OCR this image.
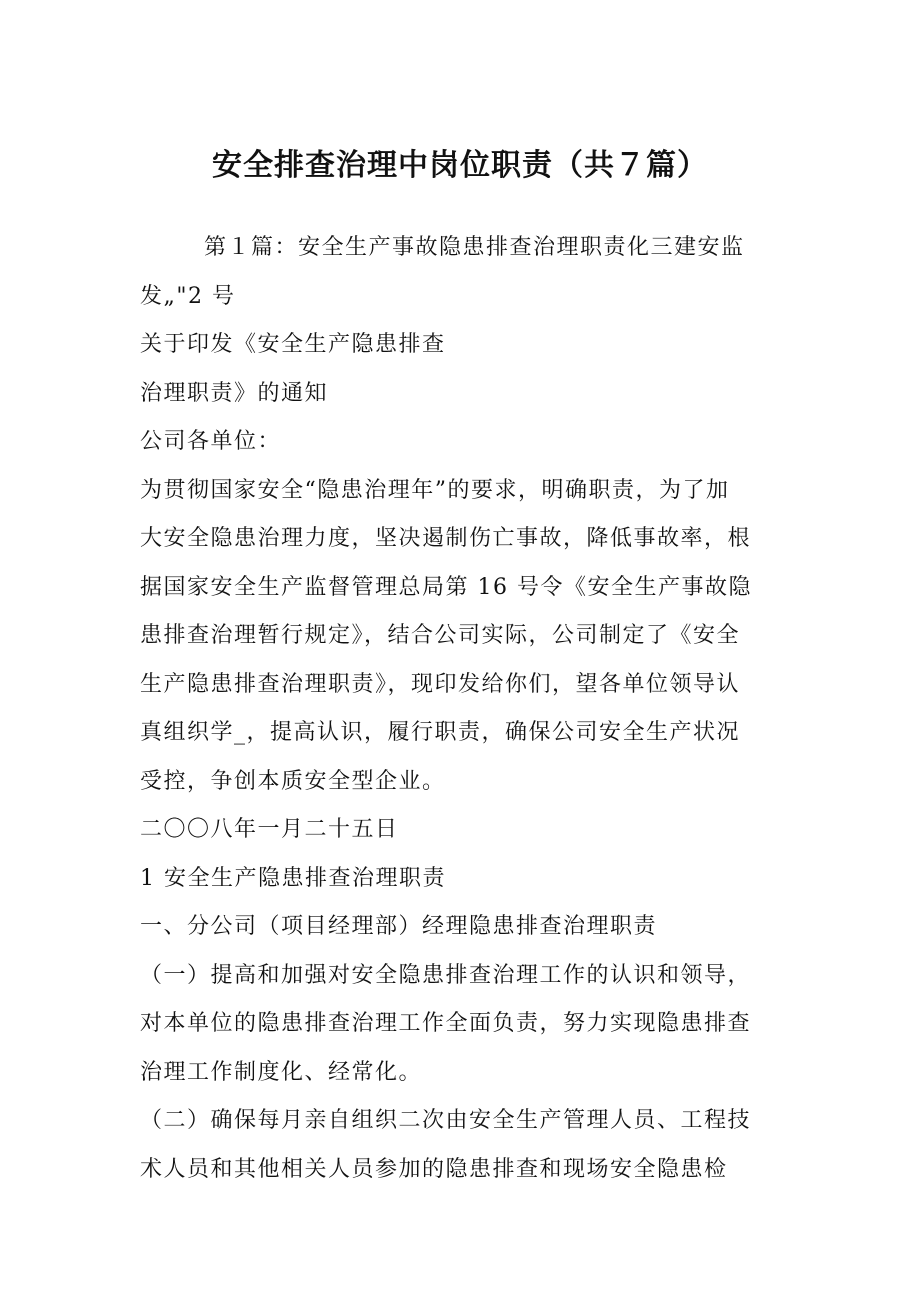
安全排查治理中岗位职责（共７篇）
第１篇：安全生产事故隐患排查治理职责化三建安监
发„"2 号
关于印发《安全生产隐患排查
治理职责》的通知
公司各单位：
为贯彻国家安全“隐患治理年”的要求，明确职责，为了加
大安全隐患治理力度，坚决遏制伤亡事故，降低事故率，根
据国家安全生产监督管理总局第 16 号令《安全生产事故隐
患排查治理暂行规定》，结合公司实际，公司制定了《安全
生产隐患排查治理职责》，现印发给你们，望各单位领导认
真组织学_，提高认识，履行职责，确保公司安全生产状况
受控，争创本质安全型企业。
二〇〇八年一月二十五日
1 安全生产隐患排查治理职责
一、分公司（项目经理部）经理隐患排查治理职责
（一）提高和加强对安全隐患排查治理工作的认识和领导，
对本单位的隐患排查治理工作全面负责，努力实现隐患排查
治理工作制度化、经常化。
（二）确保每月亲自组织二次由安全生产管理人员、工程技
术人员和其他相关人员参加的隐患排查和现场安全隐患检
